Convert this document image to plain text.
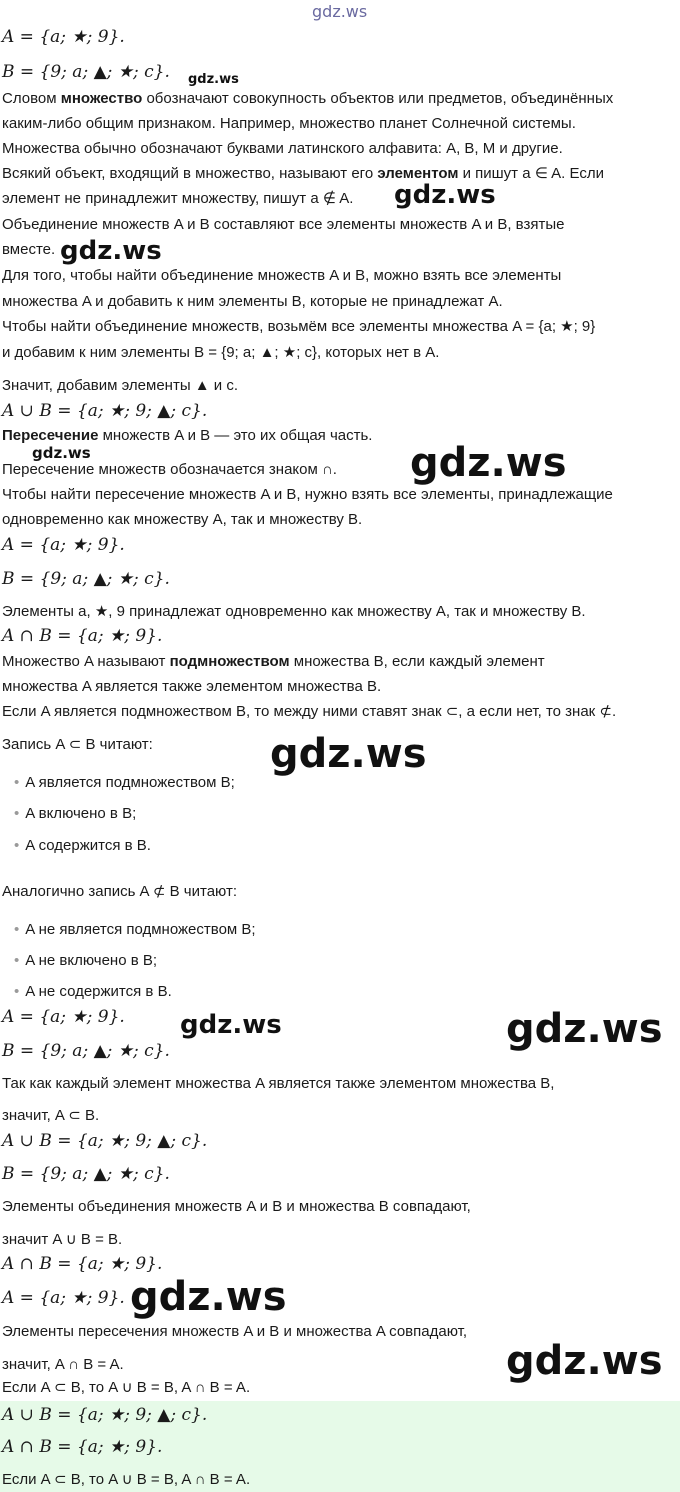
gdz.ws
gdz.ws
gdz.ws
gdz.ws
gdz.ws	gdz.ws
gdz.ws
gdz.ws	gdz.ws
gdz.ws
gdz.ws
A = {a; ★; 9}.
B = {9; a; ▲; ★; c}.
Словом множество обозначают совокупность объектов или предметов, объединённых
каким-либо общим признаком. Например, множество планет Солнечной системы.
Множества обычно обозначают буквами латинского алфавита: A, B, M и другие.
Всякий объект, входящий в множество, называют его элементом и пишут a ∈ A. Если
элемент не принадлежит множеству, пишут a ∉ A.
Объединение множеств A и B составляют все элементы множеств A и B, взятые
вместе.
Для того, чтобы найти объединение множеств A и B, можно взять все элементы
множества A и добавить к ним элементы B, которые не принадлежат A.
Чтобы найти объединение множеств, возьмём все элементы множества A = {a; ★; 9}
и добавим к ним элементы B = {9; a; ▲; ★; c}, которых нет в A.
Значит, добавим элементы ▲ и c.
A ∪ B = {a; ★; 9; ▲; c}.
Пересечение множеств A и B — это их общая часть.
Пересечение множеств обозначается знаком ∩.
Чтобы найти пересечение множеств A и B, нужно взять все элементы, принадлежащие
одновременно как множеству A, так и множеству B.
A = {a; ★; 9}.
B = {9; a; ▲; ★; c}.
Элементы a, ★, 9 принадлежат одновременно как множеству A, так и множеству B.
A ∩ B = {a; ★; 9}.
Множество A называют подмножеством множества B, если каждый элемент
множества A является также элементом множества B.
Если A является подмножеством B, то между ними ставят знак ⊂, а если нет, то знак ⊄.
Запись A ⊂ B читают:
• A является подмножеством B;
• A включено в B;
• A содержится в B.
Аналогично запись A ⊄ B читают:
• A не является подмножеством B;
• A не включено в B;
• A не содержится в B.
A = {a; ★; 9}.
B = {9; a; ▲; ★; c}.
Так как каждый элемент множества A является также элементом множества B,
значит, A ⊂ B.
A ∪ B = {a; ★; 9; ▲; c}.
B = {9; a; ▲; ★; c}.
Элементы объединения множеств A и B и множества B совпадают,
значит A ∪ B = B.
A ∩ B = {a; ★; 9}.
A = {a; ★; 9}.
Элементы пересечения множеств A и B и множества A совпадают,
значит, A ∩ B = A.
Если A ⊂ B, то A ∪ B = B, A ∩ B = A.
A ∪ B = {a; ★; 9; ▲; c}.
A ∩ B = {a; ★; 9}.
Если A ⊂ B, то A ∪ B = B, A ∩ B = A.
